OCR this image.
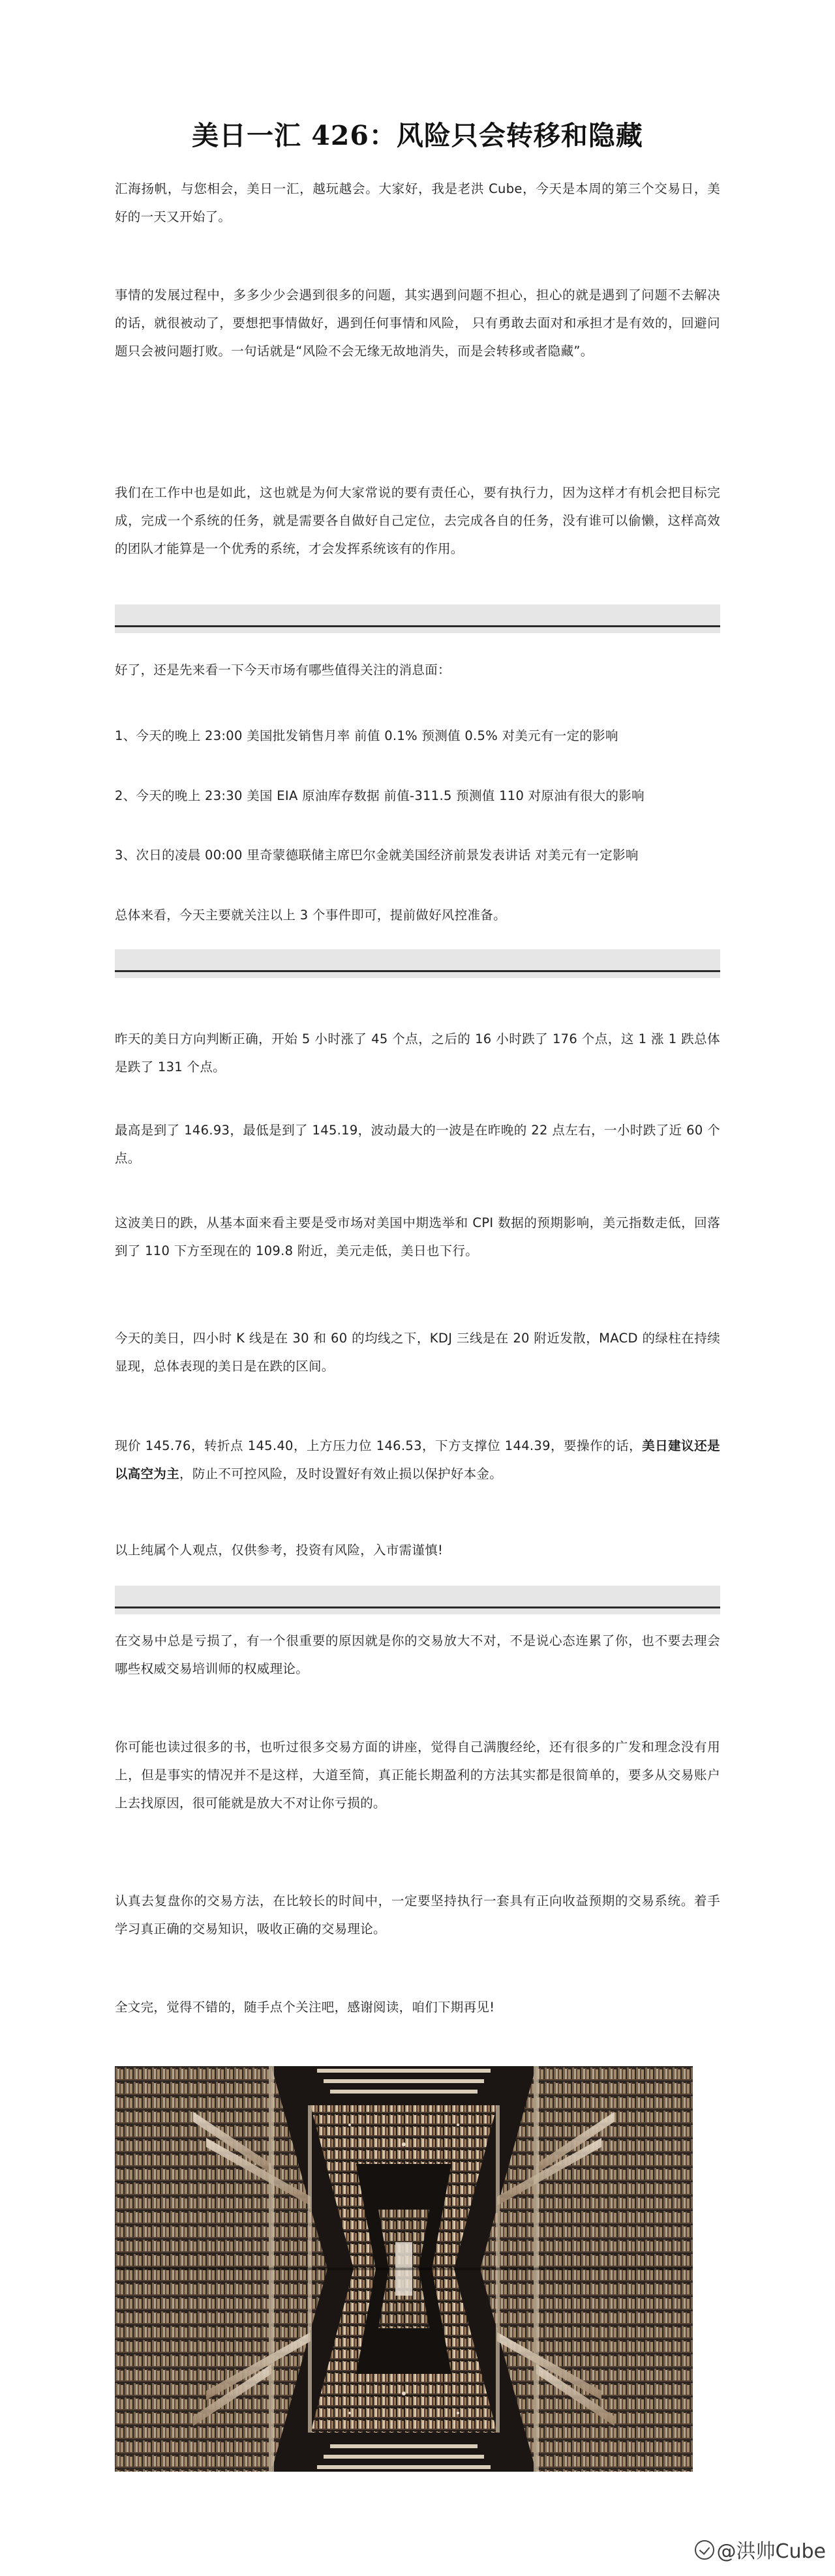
美日一汇 426：风险只会转移和隐藏

汇海扬帆，与您相会，美日一汇，越玩越会。大家好，我是老洪 Cube，今天是本周的第三个交易日，美好的一天又开始了。

事情的发展过程中，多多少少会遇到很多的问题，其实遇到问题不担心，担心的就是遇到了问题不去解决的话，就很被动了，要想把事情做好，遇到任何事情和风险， 只有勇敢去面对和承担才是有效的，回避问题只会被问题打败。一句话就是“风险不会无缘无故地消失，而是会转移或者隐藏”。

我们在工作中也是如此，这也就是为何大家常说的要有责任心，要有执行力，因为这样才有机会把目标完成，完成一个系统的任务，就是需要各自做好自己定位，去完成各自的任务，没有谁可以偷懒，这样高效的团队才能算是一个优秀的系统，才会发挥系统该有的作用。

好了，还是先来看一下今天市场有哪些值得关注的消息面：

1、今天的晚上 23:00 美国批发销售月率 前值 0.1% 预测值 0.5% 对美元有一定的影响

2、今天的晚上 23:30 美国 EIA 原油库存数据 前值-311.5 预测值 110 对原油有很大的影响

3、次日的凌晨 00:00 里奇蒙德联储主席巴尔金就美国经济前景发表讲话 对美元有一定影响

总体来看，今天主要就关注以上 3 个事件即可，提前做好风控准备。

昨天的美日方向判断正确，开始 5 小时涨了 45 个点，之后的 16 小时跌了 176 个点，这 1 涨 1 跌总体是跌了 131 个点。

最高是到了 146.93，最低是到了 145.19，波动最大的一波是在昨晚的 22 点左右，一小时跌了近 60 个点。

这波美日的跌，从基本面来看主要是受市场对美国中期选举和 CPI 数据的预期影响，美元指数走低，回落到了 110 下方至现在的 109.8 附近，美元走低，美日也下行。

今天的美日，四小时 K 线是在 30 和 60 的均线之下，KDJ 三线是在 20 附近发散，MACD 的绿柱在持续显现，总体表现的美日是在跌的区间。

现价 145.76，转折点 145.40，上方压力位 146.53，下方支撑位 144.39，要操作的话，美日建议还是以高空为主，防止不可控风险，及时设置好有效止损以保护好本金。

以上纯属个人观点，仅供参考，投资有风险，入市需谨慎!

在交易中总是亏损了，有一个很重要的原因就是你的交易放大不对，不是说心态连累了你，也不要去理会哪些权威交易培训师的权威理论。

你可能也读过很多的书，也听过很多交易方面的讲座，觉得自己满腹经纶，还有很多的广发和理念没有用上，但是事实的情况并不是这样，大道至简，真正能长期盈利的方法其实都是很简单的，要多从交易账户上去找原因，很可能就是放大不对让你亏损的。

认真去复盘你的交易方法，在比较长的时间中，一定要坚持执行一套具有正向收益预期的交易系统。着手学习真正确的交易知识，吸收正确的交易理论。

全文完，觉得不错的，随手点个关注吧，感谢阅读，咱们下期再见!

@洪帅Cube
